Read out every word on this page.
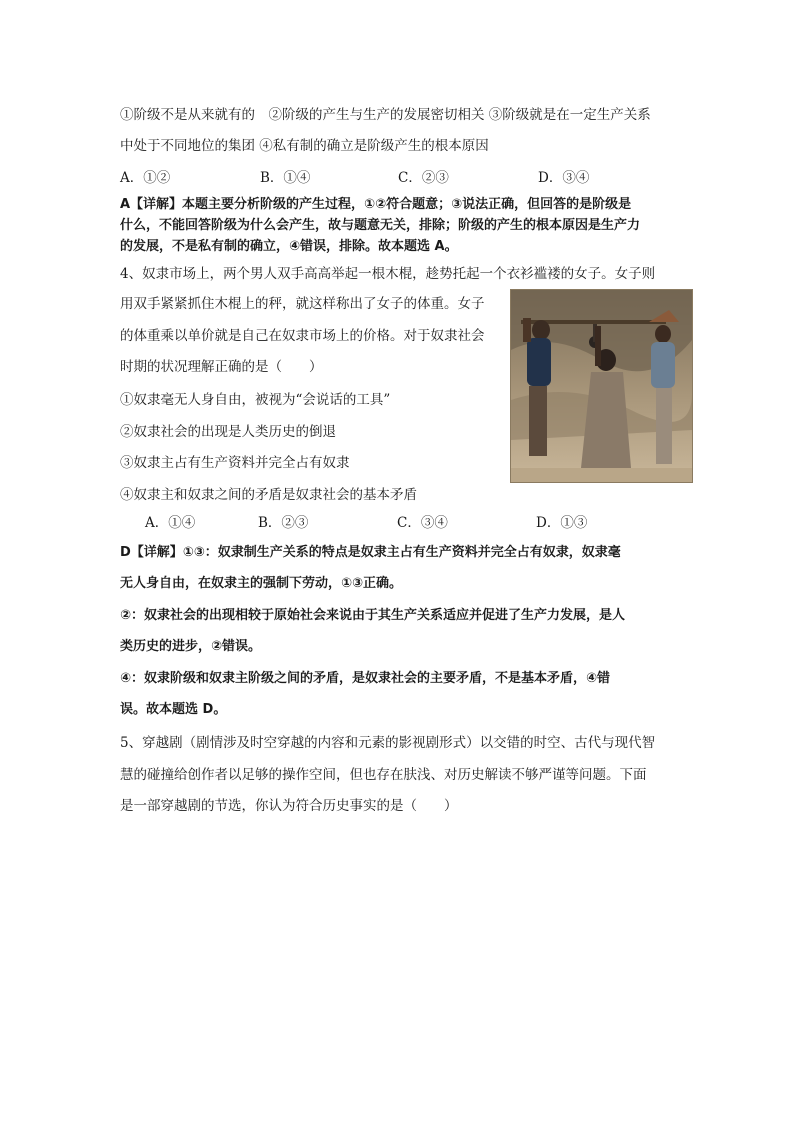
①阶级不是从来就有的　②阶级的产生与生产的发展密切相关 ③阶级就是在一定生产关系
中处于不同地位的集团 ④私有制的确立是阶级产生的根本原因
A．①②	B．①④	C．②③	D．③④
A【详解】本题主要分析阶级的产生过程，①②符合题意；③说法正确，但回答的是阶级是
什么，不能回答阶级为什么会产生，故与题意无关，排除；阶级的产生的根本原因是生产力
的发展，不是私有制的确立，④错误，排除。故本题选 A。
4、奴隶市场上，两个男人双手高高举起一根木棍，趁势托起一个衣衫褴褛的女子。女子则
用双手紧紧抓住木棍上的秤，就这样称出了女子的体重。女子
的体重乘以单价就是自己在奴隶市场上的价格。对于奴隶社会
时期的状况理解正确的是（　　）
①奴隶毫无人身自由，被视为“会说话的工具”
②奴隶社会的出现是人类历史的倒退
③奴隶主占有生产资料并完全占有奴隶
④奴隶主和奴隶之间的矛盾是奴隶社会的基本矛盾
A．①④	B．②③	C．③④	D．①③
D【详解】①③：奴隶制生产关系的特点是奴隶主占有生产资料并完全占有奴隶，奴隶毫
无人身自由，在奴隶主的强制下劳动，①③正确。
②：奴隶社会的出现相较于原始社会来说由于其生产关系适应并促进了生产力发展，是人
类历史的进步，②错误。
④：奴隶阶级和奴隶主阶级之间的矛盾，是奴隶社会的主要矛盾，不是基本矛盾，④错
误。故本题选 D。
5、穿越剧（剧情涉及时空穿越的内容和元素的影视剧形式）以交错的时空、古代与现代智
慧的碰撞给创作者以足够的操作空间，但也存在肤浅、对历史解读不够严谨等问题。下面
是一部穿越剧的节选，你认为符合历史事实的是（　　）
